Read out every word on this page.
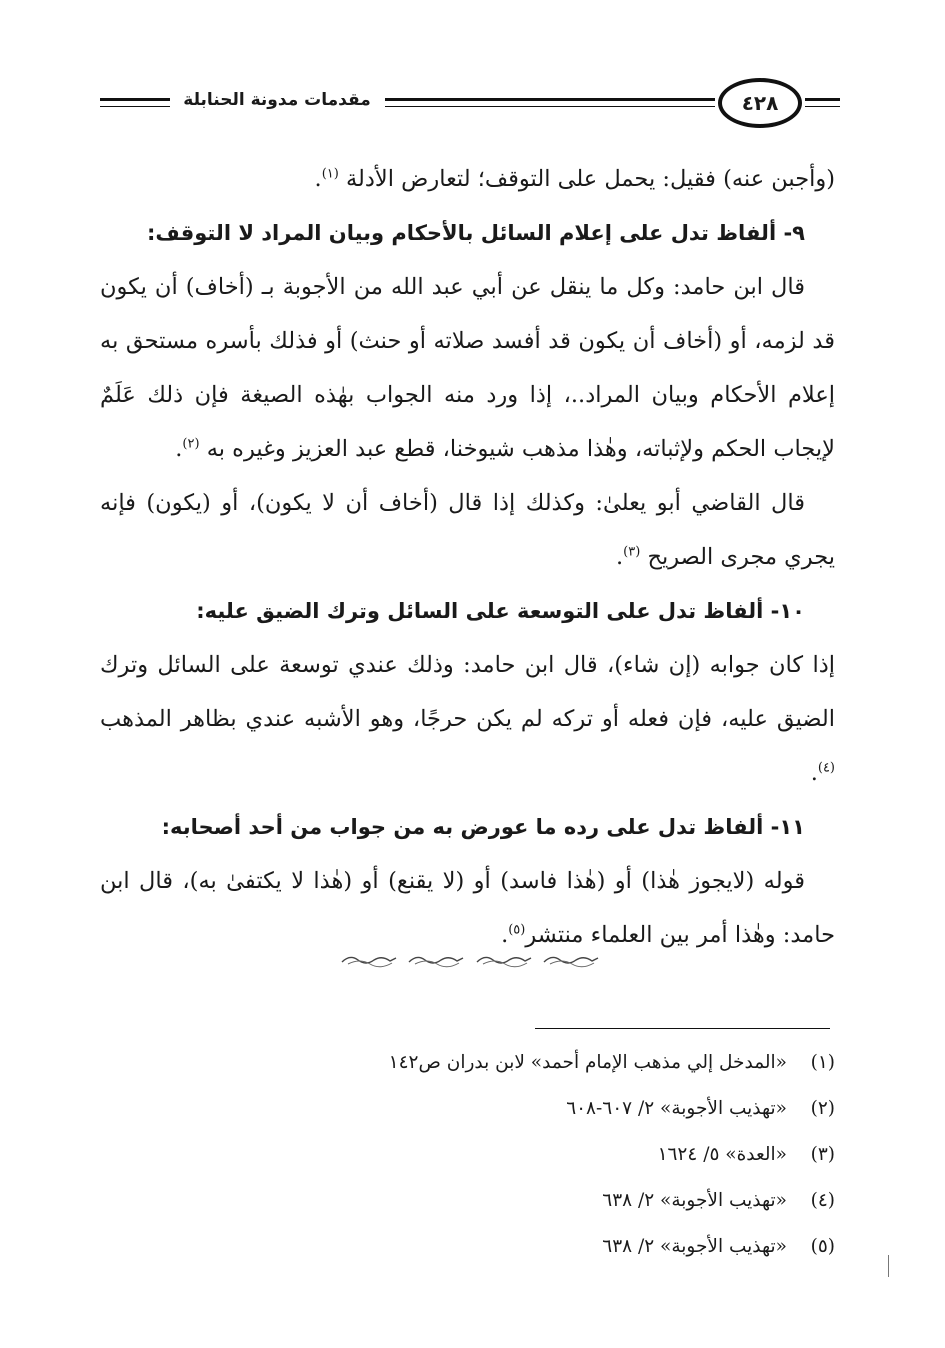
مقدمات مدونة الحنابلة	٤٢٨

(وأجبن عنه) فقيل: يحمل على التوقف؛ لتعارض الأدلة $^{(١)}$.

٩- ألفاظ تدل على إعلام السائل بالأحكام وبيان المراد لا التوقف:

قال ابن حامد: وكل ما ينقل عن أبي عبد الله من الأجوبة بـ (أخاف) أن يكون قد لزمه، أو (أخاف أن يكون قد أفسد صلاته أو حنث) أو فذلك بأسره مستحق به إعلام الأحكام وبيان المراد..، إذا ورد منه الجواب بهٰذه الصيغة فإن ذلك عَلَمٌ لإيجاب الحكم ولإثباته، وهٰذا مذهب شيوخنا، قطع عبد العزيز وغيره به $^{(٢)}$.

قال القاضي أبو يعلىٰ: وكذلك إذا قال (أخاف أن لا يكون)، أو (يكون) فإنه يجري مجرى الصريح $^{(٣)}$.

١٠- ألفاظ تدل على التوسعة على السائل وترك الضيق عليه:

إذا كان جوابه (إن شاء)، قال ابن حامد: وذلك عندي توسعة على السائل وترك الضيق عليه، فإن فعله أو تركه لم يكن حرجًا، وهو الأشبه عندي بظاهر المذهب $^{(٤)}$.

١١- ألفاظ تدل على رده ما عورض به من جواب من أحد أصحابه:

قوله (لايجوز هٰذا) أو (هٰذا فاسد) أو (لا يقنع) أو (هٰذا لا يكتفىٰ به)، قال ابن حامد: وهٰذا أمر بين العلماء منتشر$^{(٥)}$.

(١)
«المدخل إلي مذهب الإمام أحمد» لابن بدران ص١٤٢
(٢)
«تهذيب الأجوبة» ٢/ ٦٠٧-٦٠٨
(٣)
«العدة» ٥/ ١٦٢٤
(٤)
«تهذيب الأجوبة» ٢/ ٦٣٨
(٥)
«تهذيب الأجوبة» ٢/ ٦٣٨
